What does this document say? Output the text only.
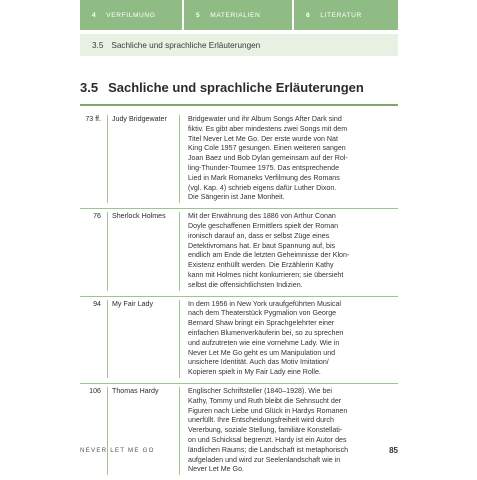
4 VERFILMUNG	5 MATERIALIEN	6 LITERATUR
3.5 Sachliche und sprachliche Erläuterungen
3.5 Sachliche und sprachliche Erläuterungen
73 ff.	Judy Bridgewater	Bridgewater und ihr Album Songs After Dark sind
fiktiv. Es gibt aber mindestens zwei Songs mit dem
Titel Never Let Me Go. Der erste wurde von Nat
King Cole 1957 gesungen. Einen weiteren sangen
Joan Baez und Bob Dylan gemeinsam auf der Rol-
ling-Thunder-Tournee 1975. Das entsprechende
Lied in Mark Romaneks Verfilmung des Romans
(vgl. Kap. 4) schrieb eigens dafür Luther Dixon.
Die Sängerin ist Jane Monheit.
76	Sherlock Holmes	Mit der Erwähnung des 1886 von Arthur Conan
Doyle geschaffenen Ermittlers spielt der Roman
ironisch darauf an, dass er selbst Züge eines
Detektivromans hat. Er baut Spannung auf, bis
endlich am Ende die letzten Geheimnisse der Klon-
Existenz enthüllt werden. Die Erzählerin Kathy
kann mit Holmes nicht konkurrieren; sie übersieht
selbst die offensichtlichsten Indizien.
94	My Fair Lady	In dem 1956 in New York uraufgeführten Musical
nach dem Theaterstück Pygmalion von George
Bernard Shaw bringt ein Sprachgelehrter einer
einfachen Blumenverkäuferin bei, so zu sprechen
und aufzutreten wie eine vornehme Lady. Wie in
Never Let Me Go geht es um Manipulation und
unsichere Identität. Auch das Motiv Imitation/
Kopieren spielt in My Fair Lady eine Rolle.
106	Thomas Hardy	Englischer Schriftsteller (1840–1928). Wie bei
Kathy, Tommy und Ruth bleibt die Sehnsucht der
Figuren nach Liebe und Glück in Hardys Romanen
unerfüllt. Ihre Entscheidungsfreiheit wird durch
Vererbung, soziale Stellung, familiäre Konstellati-
on und Schicksal begrenzt. Hardy ist ein Autor des
ländlichen Raums; die Landschaft ist metaphorisch
aufgeladen und wird zur Seelenlandschaft wie in
Never Let Me Go.
NEVER LET ME GO	85
